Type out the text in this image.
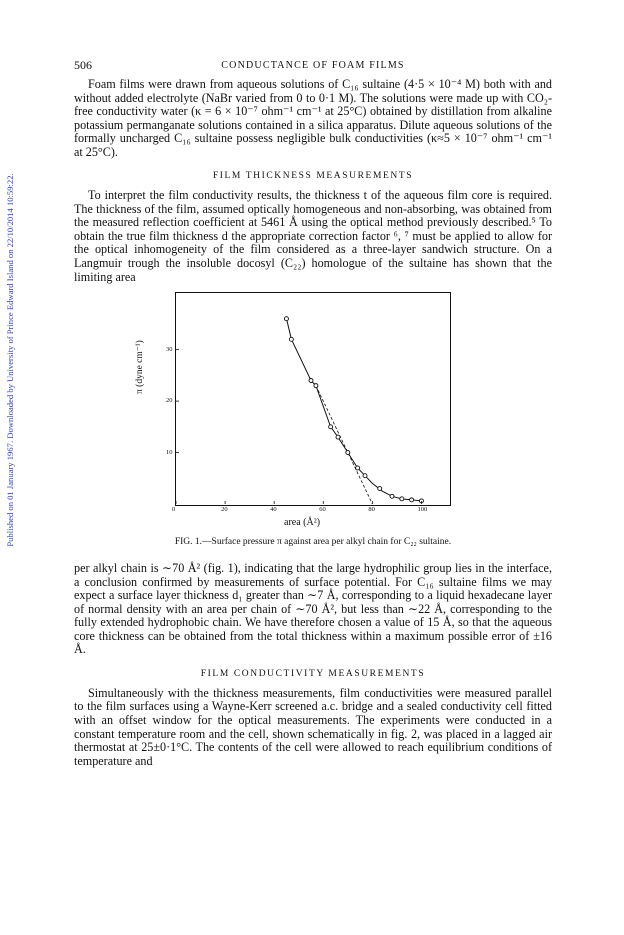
Published on 01 January 1967. Downloaded by University of Prince Edward Island on 22/10/2014 10:59:22.
506	CONDUCTANCE OF FOAM FILMS

Foam films were drawn from aqueous solutions of C₁₆ sultaine (4·5 × 10⁻⁴ M) both with and without added electrolyte (NaBr varied from 0 to 0·1 M). The solutions were made up with CO₂-free conductivity water (κ = 6 × 10⁻⁷ ohm⁻¹ cm⁻¹ at 25°C) obtained by distillation from alkaline potassium permanganate solutions contained in a silica apparatus. Dilute aqueous solutions of the formally uncharged C₁₆ sultaine possess negligible bulk conductivities (κ≈5 × 10⁻⁷ ohm⁻¹ cm⁻¹ at 25°C).

FILM THICKNESS MEASUREMENTS

To interpret the film conductivity results, the thickness t of the aqueous film core is required. The thickness of the film, assumed optically homogeneous and non-absorbing, was obtained from the measured reflection coefficient at 5461 Å using the optical method previously described.⁵ To obtain the true film thickness d the appropriate correction factor ⁶, ⁷ must be applied to allow for the optical inhomogeneity of the film considered as a three-layer sandwich structure. On a Langmuir trough the insoluble docosyl (C₂₂) homologue of the sultaine has shown that the limiting area

0	20	40	60	80	100
10
20
30
π (dyne cm⁻¹)
area (Å²)
FIG. 1.—Surface pressure π against area per alkyl chain for C₂₂ sultaine.

per alkyl chain is ∼70 Å² (fig. 1), indicating that the large hydrophilic group lies in the interface, a conclusion confirmed by measurements of surface potential. For C₁₆ sultaine films we may expect a surface layer thickness d₁ greater than ∼7 Å, corresponding to a liquid hexadecane layer of normal density with an area per chain of ∼70 Å², but less than ∼22 Å, corresponding to the fully extended hydrophobic chain. We have therefore chosen a value of 15 Å, so that the aqueous core thickness can be obtained from the total thickness within a maximum possible error of ±16 Å.

FILM CONDUCTIVITY MEASUREMENTS

Simultaneously with the thickness measurements, film conductivities were measured parallel to the film surfaces using a Wayne-Kerr screened a.c. bridge and a sealed conductivity cell fitted with an offset window for the optical measurements. The experiments were conducted in a constant temperature room and the cell, shown schematically in fig. 2, was placed in a lagged air thermostat at 25±0·1°C. The contents of the cell were allowed to reach equilibrium conditions of temperature and
